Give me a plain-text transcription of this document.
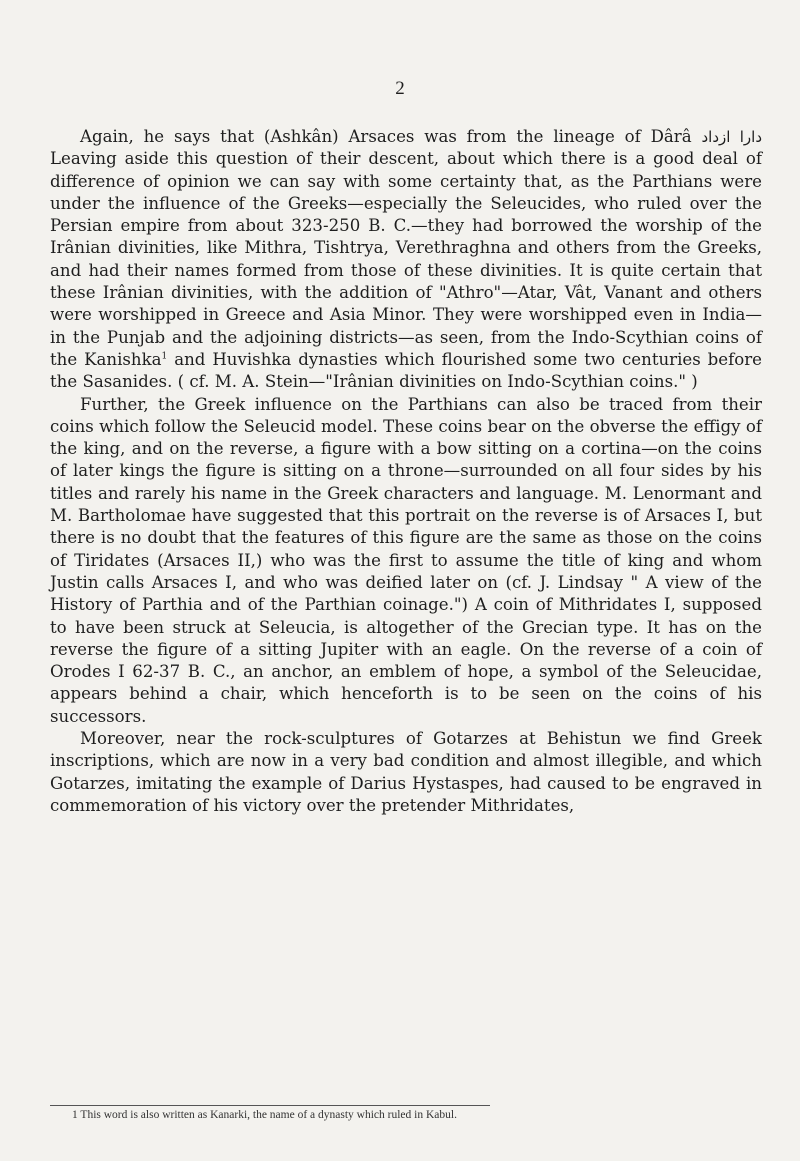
2

Again, he says that (Ashkân) Arsaces was from the lineage of Dârâ دارا ازداد Leaving aside this question of their descent, about which there is a good deal of difference of opinion we can say with some certainty that, as the Parthians were under the influence of the Greeks—especially the Seleucides, who ruled over the Persian empire from about 323-250 B. C.—they had borrowed the worship of the Irânian divinities, like Mithra, Tishtrya, Verethraghna and others from the Greeks, and had their names formed from those of these divinities. It is quite certain that these Irânian divinities, with the addition of "Athro"—Atar, Vât, Vanant and others were worshipped in Greece and Asia Minor. They were worshipped even in India—in the Punjab and the adjoining districts—as seen, from the Indo-Scythian coins of the Kanishka$^1$ and Huvishka dynasties which flourished some two centuries before the Sasanides. ( cf. M. A. Stein—"Irânian divinities on Indo-Scythian coins." )

Further, the Greek influence on the Parthians can also be traced from their coins which follow the Seleucid model. These coins bear on the obverse the effigy of the king, and on the reverse, a figure with a bow sitting on a cortina—on the coins of later kings the figure is sitting on a throne—surrounded on all four sides by his titles and rarely his name in the Greek characters and language. M. Lenormant and M. Bartholomae have suggested that this portrait on the reverse is of Arsaces I, but there is no doubt that the features of this figure are the same as those on the coins of Tiridates (Arsaces II,) who was the first to assume the title of king and whom Justin calls Arsaces I, and who was deified later on (cf. J. Lindsay " A view of the History of Parthia and of the Parthian coinage.") A coin of Mithridates I, supposed to have been struck at Seleucia, is altogether of the Grecian type. It has on the reverse the figure of a sitting Jupiter with an eagle. On the reverse of a coin of Orodes I 62-37 B. C., an anchor, an emblem of hope, a symbol of the Seleucidae, appears behind a chair, which henceforth is to be seen on the coins of his successors.

Moreover, near the rock-sculptures of Gotarzes at Behistun we find Greek inscriptions, which are now in a very bad condition and almost illegible, and which Gotarzes, imitating the example of Darius Hystaspes, had caused to be engraved in commemoration of his victory over the pretender Mithridates,

1 This word is also written as Kanarki, the name of a dynasty which ruled in Kabul.
